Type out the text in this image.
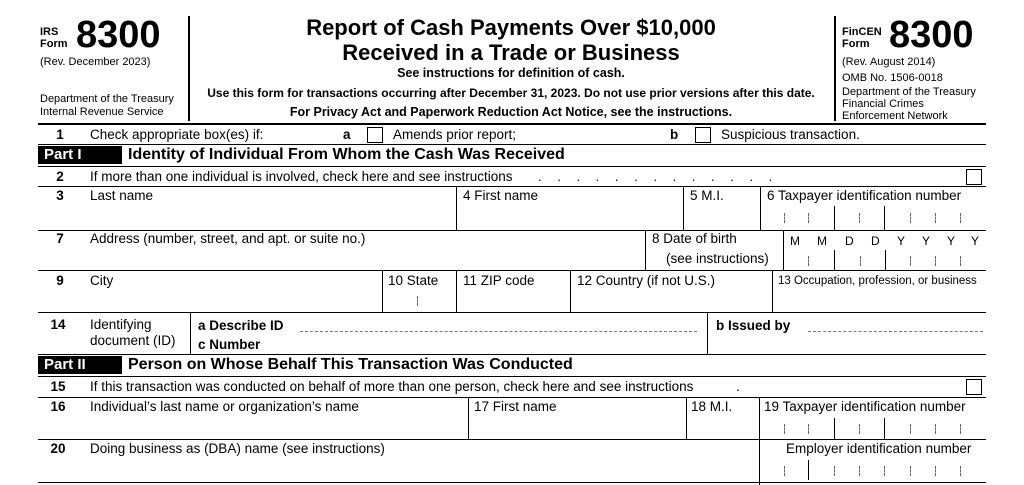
IRS
Form 8300
(Rev. December 2023)
Department of the Treasury
Internal Revenue Service
Report of Cash Payments Over $10,000
Received in a Trade or Business
See instructions for definition of cash.
Use this form for transactions occurring after December 31, 2023. Do not use prior versions after this date.
For Privacy Act and Paperwork Reduction Act Notice, see the instructions.
FinCEN
Form 8300
(Rev. August 2014)
OMB No. 1506-0018
Department of the Treasury
Financial Crimes
Enforcement Network
1	Check appropriate box(es) if:	a	Amends prior report;	b	Suspicious transaction.
Part I	Identity of Individual From Whom the Cash Was Received
2	If more than one individual is involved, check here and see instructions . . . . . . . . . . . . .
3	Last name	4 First name	5 M.I.	6 Taxpayer identification number
7	Address (number, street, and apt. or suite no.)	8 Date of birth
(see instructions)
M M D D Y Y Y Y
9	City	10 State 11 ZIP code	12 Country (if not U.S.)	13 Occupation, profession, or business
14	Identifying
document (ID)
a Describe ID
c Number
b Issued by
Part II	Person on Whose Behalf This Transaction Was Conducted
15	If this transaction was conducted on behalf of more than one person, check here and see instructions	.
16	Individual’s last name or organization’s name	17 First name	18 M.I. 19 Taxpayer identification number
20	Doing business as (DBA) name (see instructions)	Employer identification number
